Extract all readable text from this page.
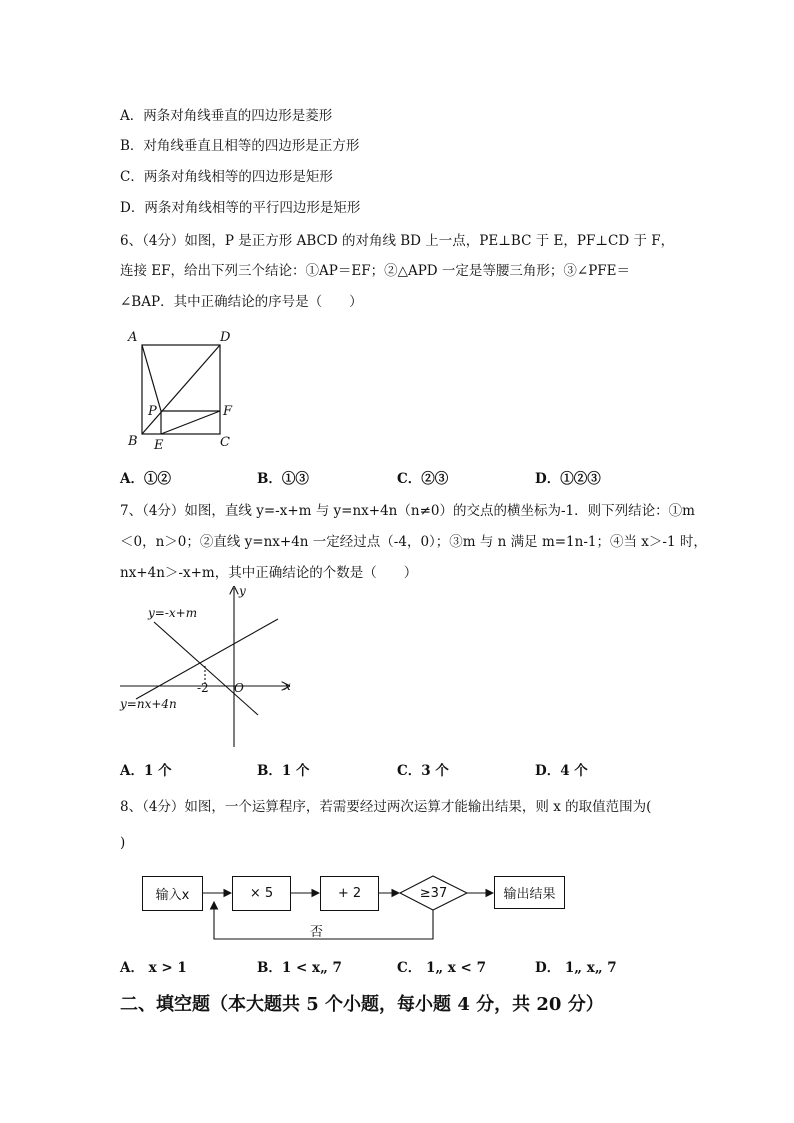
A．两条对角线垂直的四边形是菱形
B．对角线垂直且相等的四边形是正方形
C．两条对角线相等的四边形是矩形
D．两条对角线相等的平行四边形是矩形
6、（4分）如图，P 是正方形 ABCD 的对角线 BD 上一点，PE⊥BC 于 E，PF⊥CD 于 F，
连接 EF，给出下列三个结论：①AP＝EF；②△APD 一定是等腰三角形；③∠PFE＝
∠BAP．其中正确结论的序号是（　　）
A	D
P	F
B E	C
A．①②	B．①③	C．②③	D．①②③
7、（4分）如图，直线 y=-x+m 与 y=nx+4n（n≠0）的交点的横坐标为-1．则下列结论：①m
＜0，n＞0；②直线 y=nx+4n 一定经过点（-4，0）；③m 与 n 满足 m=1n-1；④当 x＞-1 时，
nx+4n＞-x+m，其中正确结论的个数是（　　）
y=-x+m
y=nx+4n
y
x
O
-2
A．1 个	B．1 个	C．3 个	D．4 个
8、（4分）如图，一个运算程序，若需要经过两次运算才能输出结果，则 x 的取值范围为(
)
输入x	× 5	+ 2	≥37	输出结果
否
A． x > 1	B．1 < x„ 7	C． 1„ x < 7	D． 1„ x„ 7
二、填空题（本大题共 5 个小题，每小题 4 分，共 20 分）
